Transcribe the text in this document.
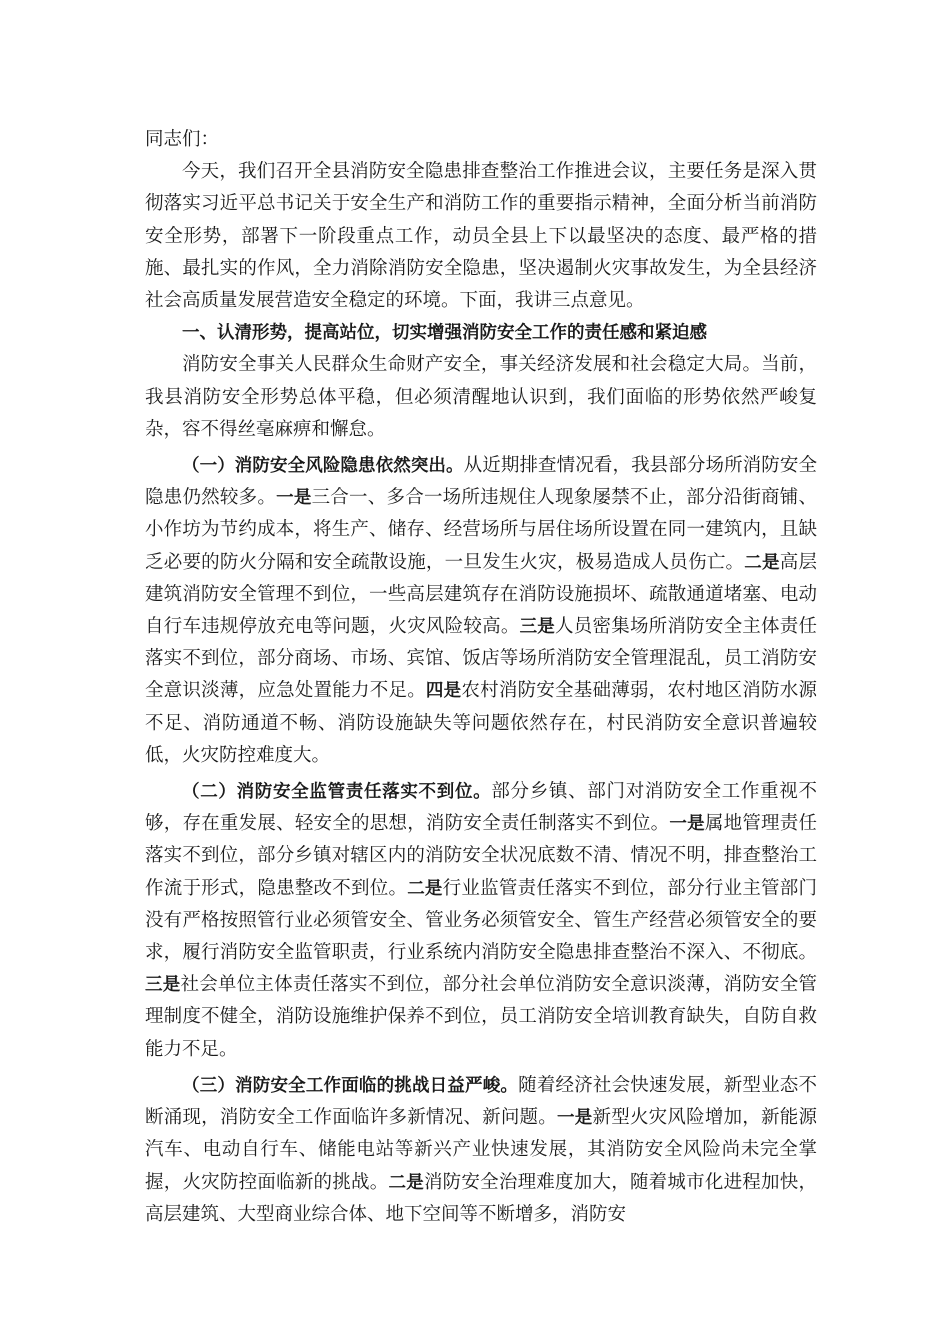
同志们：

今天，我们召开全县消防安全隐患排查整治工作推进会议，主要任务是深入贯彻落实习近平总书记关于安全生产和消防工作的重要指示精神，全面分析当前消防安全形势，部署下一阶段重点工作，动员全县上下以最坚决的态度、最严格的措施、最扎实的作风，全力消除消防安全隐患，坚决遏制火灾事故发生，为全县经济社会高质量发展营造安全稳定的环境。下面，我讲三点意见。

一、认清形势，提高站位，切实增强消防安全工作的责任感和紧迫感

消防安全事关人民群众生命财产安全，事关经济发展和社会稳定大局。当前，我县消防安全形势总体平稳，但必须清醒地认识到，我们面临的形势依然严峻复杂，容不得丝毫麻痹和懈怠。

（一）消防安全风险隐患依然突出。从近期排查情况看，我县部分场所消防安全隐患仍然较多。一是三合一、多合一场所违规住人现象屡禁不止，部分沿街商铺、小作坊为节约成本，将生产、储存、经营场所与居住场所设置在同一建筑内，且缺乏必要的防火分隔和安全疏散设施，一旦发生火灾，极易造成人员伤亡。二是高层建筑消防安全管理不到位，一些高层建筑存在消防设施损坏、疏散通道堵塞、电动自行车违规停放充电等问题，火灾风险较高。三是人员密集场所消防安全主体责任落实不到位，部分商场、市场、宾馆、饭店等场所消防安全管理混乱，员工消防安全意识淡薄，应急处置能力不足。四是农村消防安全基础薄弱，农村地区消防水源不足、消防通道不畅、消防设施缺失等问题依然存在，村民消防安全意识普遍较低，火灾防控难度大。

（二）消防安全监管责任落实不到位。部分乡镇、部门对消防安全工作重视不够，存在重发展、轻安全的思想，消防安全责任制落实不到位。一是属地管理责任落实不到位，部分乡镇对辖区内的消防安全状况底数不清、情况不明，排查整治工作流于形式，隐患整改不到位。二是行业监管责任落实不到位，部分行业主管部门没有严格按照管行业必须管安全、管业务必须管安全、管生产经营必须管安全的要求，履行消防安全监管职责，行业系统内消防安全隐患排查整治不深入、不彻底。三是社会单位主体责任落实不到位，部分社会单位消防安全意识淡薄，消防安全管理制度不健全，消防设施维护保养不到位，员工消防安全培训教育缺失，自防自救能力不足。

（三）消防安全工作面临的挑战日益严峻。随着经济社会快速发展，新型业态不断涌现，消防安全工作面临许多新情况、新问题。一是新型火灾风险增加，新能源汽车、电动自行车、储能电站等新兴产业快速发展，其消防安全风险尚未完全掌握，火灾防控面临新的挑战。二是消防安全治理难度加大，随着城市化进程加快，高层建筑、大型商业综合体、地下空间等不断增多，消防安
